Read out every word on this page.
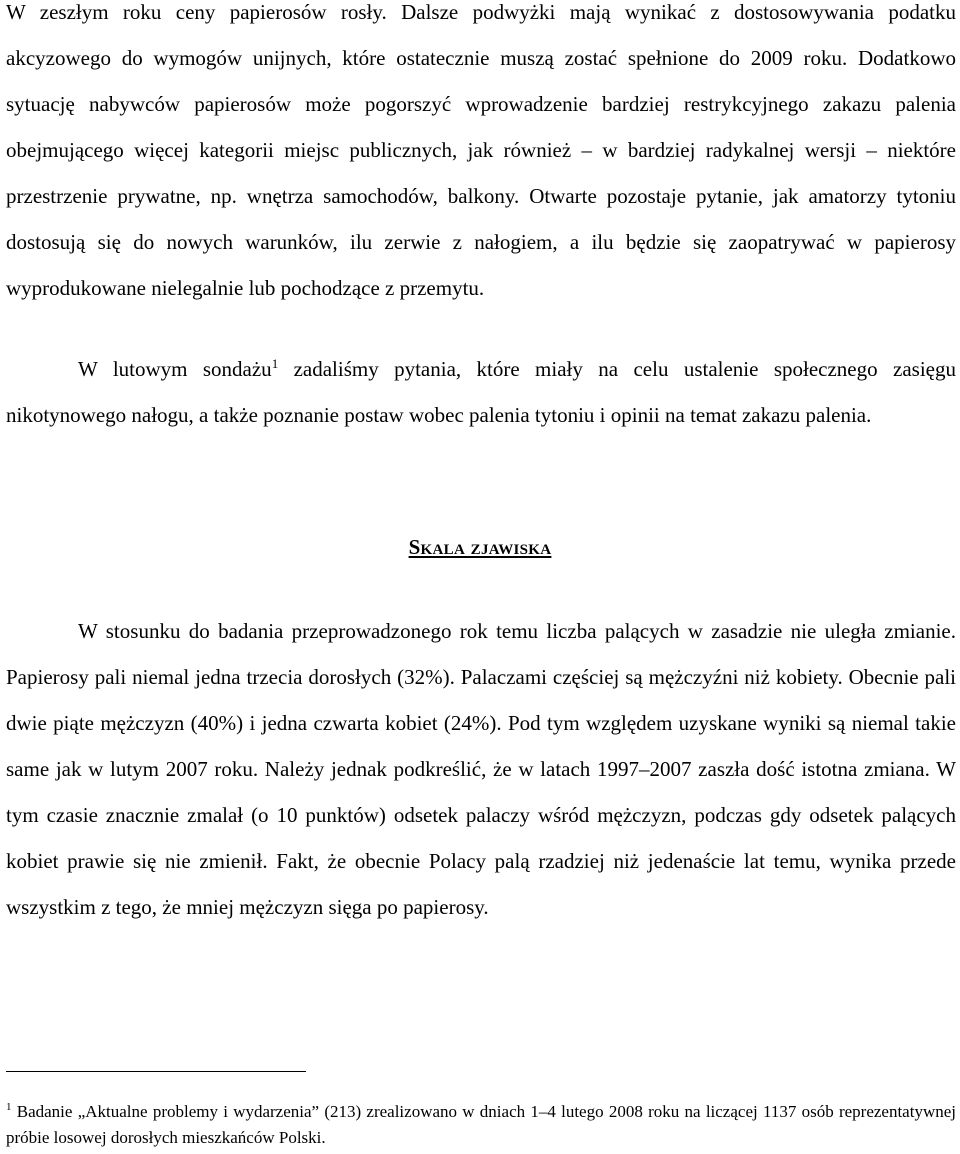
W zeszłym roku ceny papierosów rosły. Dalsze podwyżki mają wynikać z dostosowywania podatku akcyzowego do wymogów unijnych, które ostatecznie muszą zostać spełnione do 2009 roku. Dodatkowo sytuację nabywców papierosów może pogorszyć wprowadzenie bardziej restrykcyjnego zakazu palenia obejmującego więcej kategorii miejsc publicznych, jak również – w bardziej radykalnej wersji – niektóre przestrzenie prywatne, np. wnętrza samochodów, balkony. Otwarte pozostaje pytanie, jak amatorzy tytoniu dostosują się do nowych warunków, ilu zerwie z nałogiem, a ilu będzie się zaopatrywać w papierosy wyprodukowane nielegalnie lub pochodzące z przemytu.

W lutowym sondażu$^1$ zadaliśmy pytania, które miały na celu ustalenie społecznego zasięgu nikotynowego nałogu, a także poznanie postaw wobec palenia tytoniu i opinii na temat zakazu palenia.

Skala zjawiska

W stosunku do badania przeprowadzonego rok temu liczba palących w zasadzie nie uległa zmianie. Papierosy pali niemal jedna trzecia dorosłych (32%). Palaczami częściej są mężczyźni niż kobiety. Obecnie pali dwie piąte mężczyzn (40%) i jedna czwarta kobiet (24%). Pod tym względem uzyskane wyniki są niemal takie same jak w lutym 2007 roku. Należy jednak podkreślić, że w latach 1997–2007 zaszła dość istotna zmiana. W tym czasie znacznie zmalał (o 10 punktów) odsetek palaczy wśród mężczyzn, podczas gdy odsetek palących kobiet prawie się nie zmienił. Fakt, że obecnie Polacy palą rzadziej niż jedenaście lat temu, wynika przede wszystkim z tego, że mniej mężczyzn sięga po papierosy.

$^1$ Badanie „Aktualne problemy i wydarzenia” (213) zrealizowano w dniach 1–4 lutego 2008 roku na liczącej 1137 osób reprezentatywnej próbie losowej dorosłych mieszkańców Polski.
